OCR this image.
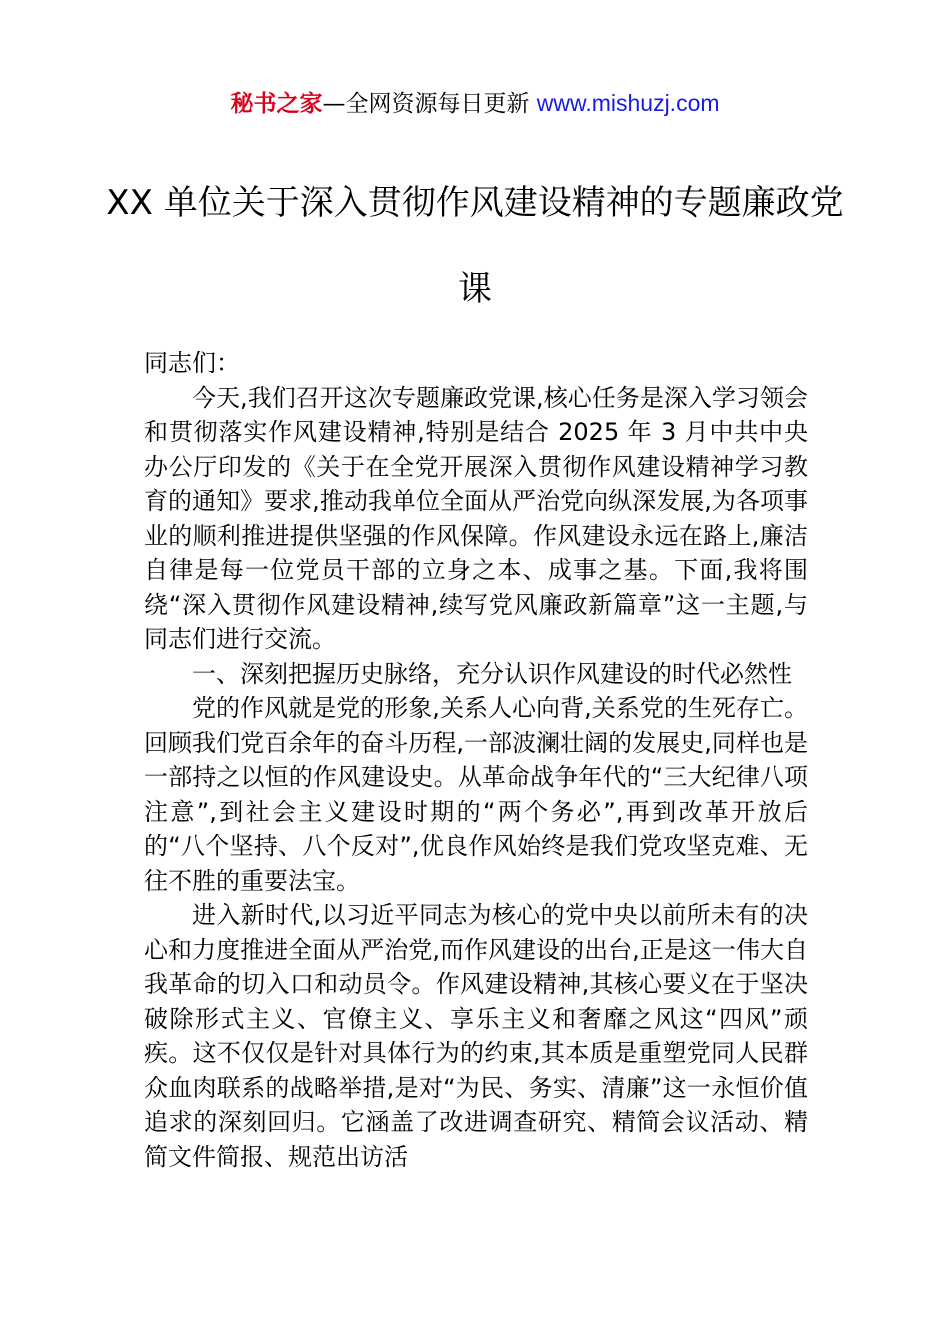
秘书之家—全网资源每日更新 www.mishuzj.com
XX 单位关于深入贯彻作风建设精神的专题廉政党课

同志们：

今天,我们召开这次专题廉政党课,核心任务是深入学习领会和贯彻落实作风建设精神,特别是结合 2025 年 3 月中共中央办公厅印发的《关于在全党开展深入贯彻作风建设精神学习教育的通知》要求,推动我单位全面从严治党向纵深发展,为各项事业的顺利推进提供坚强的作风保障。作风建设永远在路上,廉洁自律是每一位党员干部的立身之本、成事之基。下面,我将围绕“深入贯彻作风建设精神,续写党风廉政新篇章”这一主题,与同志们进行交流。

一、深刻把握历史脉络，充分认识作风建设的时代必然性

党的作风就是党的形象,关系人心向背,关系党的生死存亡。回顾我们党百余年的奋斗历程,一部波澜壮阔的发展史,同样也是一部持之以恒的作风建设史。从革命战争年代的“三大纪律八项注意”,到社会主义建设时期的“两个务必”,再到改革开放后的“八个坚持、八个反对”,优良作风始终是我们党攻坚克难、无往不胜的重要法宝。

进入新时代,以习近平同志为核心的党中央以前所未有的决心和力度推进全面从严治党,而作风建设的出台,正是这一伟大自我革命的切入口和动员令。作风建设精神,其核心要义在于坚决破除形式主义、官僚主义、享乐主义和奢靡之风这“四风”顽疾。这不仅仅是针对具体行为的约束,其本质是重塑党同人民群众血肉联系的战略举措,是对“为民、务实、清廉”这一永恒价值追求的深刻回归。它涵盖了改进调查研究、精简会议活动、精简文件简报、规范出访活
